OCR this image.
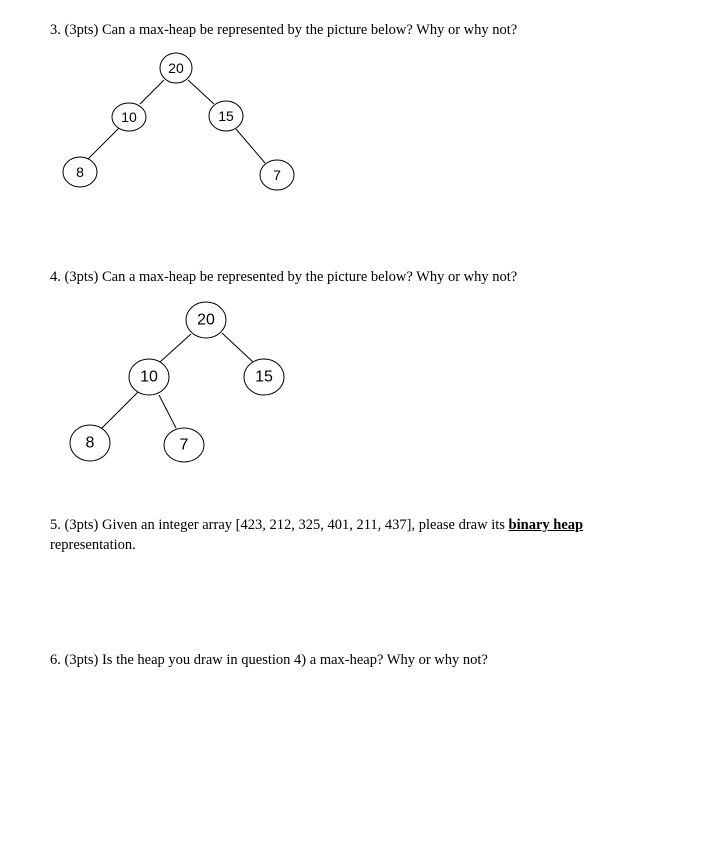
3. (3pts) Can a max-heap be represented by the picture below? Why or why not?
20
10	15
8	7
4. (3pts) Can a max-heap be represented by the picture below? Why or why not?
20
10	15
8	7
5. (3pts) Given an integer array [423, 212, 325, 401, 211, 437], please draw its binary heap
representation.
6. (3pts) Is the heap you draw in question 4) a max-heap? Why or why not?
